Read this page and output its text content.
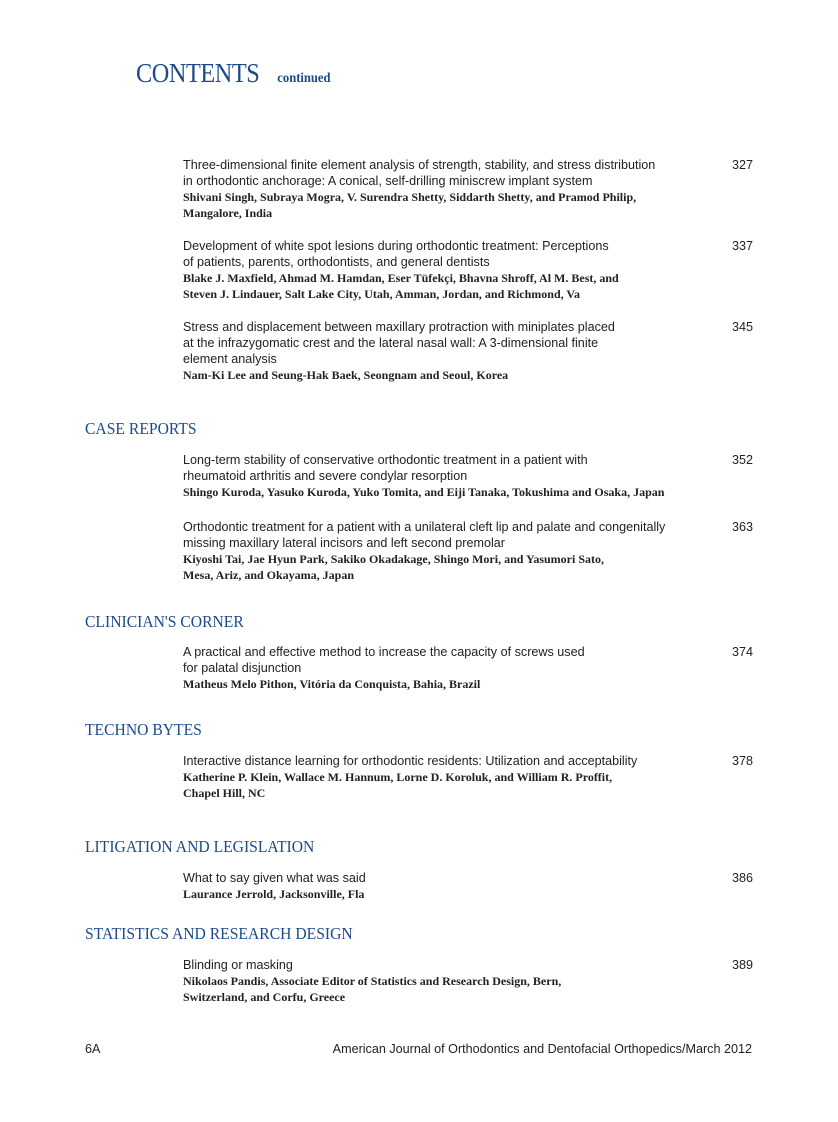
CONTENTS continued
CASE REPORTS
CLINICIAN'S CORNER
TECHNO BYTES
LITIGATION AND LEGISLATION
STATISTICS AND RESEARCH DESIGN
Three-dimensional finite element analysis of strength, stability, and stress distribution
in orthodontic anchorage: A conical, self-drilling miniscrew implant system
Shivani Singh, Subraya Mogra, V. Surendra Shetty, Siddarth Shetty, and Pramod Philip,
Mangalore, India
327
Development of white spot lesions during orthodontic treatment: Perceptions
of patients, parents, orthodontists, and general dentists
Blake J. Maxfield, Ahmad M. Hamdan, Eser Tüfekçi, Bhavna Shroff, Al M. Best, and
Steven J. Lindauer, Salt Lake City, Utah, Amman, Jordan, and Richmond, Va
337
Stress and displacement between maxillary protraction with miniplates placed
at the infrazygomatic crest and the lateral nasal wall: A 3-dimensional finite
element analysis
Nam-Ki Lee and Seung-Hak Baek, Seongnam and Seoul, Korea
345
Long-term stability of conservative orthodontic treatment in a patient with
rheumatoid arthritis and severe condylar resorption
Shingo Kuroda, Yasuko Kuroda, Yuko Tomita, and Eiji Tanaka, Tokushima and Osaka, Japan
352
Orthodontic treatment for a patient with a unilateral cleft lip and palate and congenitally
missing maxillary lateral incisors and left second premolar
Kiyoshi Tai, Jae Hyun Park, Sakiko Okadakage, Shingo Mori, and Yasumori Sato,
Mesa, Ariz, and Okayama, Japan
363
A practical and effective method to increase the capacity of screws used
for palatal disjunction
Matheus Melo Pithon, Vitória da Conquista, Bahia, Brazil
374
Interactive distance learning for orthodontic residents: Utilization and acceptability
Katherine P. Klein, Wallace M. Hannum, Lorne D. Koroluk, and William R. Proffit,
Chapel Hill, NC
378
What to say given what was said
Laurance Jerrold, Jacksonville, Fla
386
Blinding or masking
Nikolaos Pandis, Associate Editor of Statistics and Research Design, Bern,
Switzerland, and Corfu, Greece
389
6A	American Journal of Orthodontics and Dentofacial Orthopedics/March 2012
